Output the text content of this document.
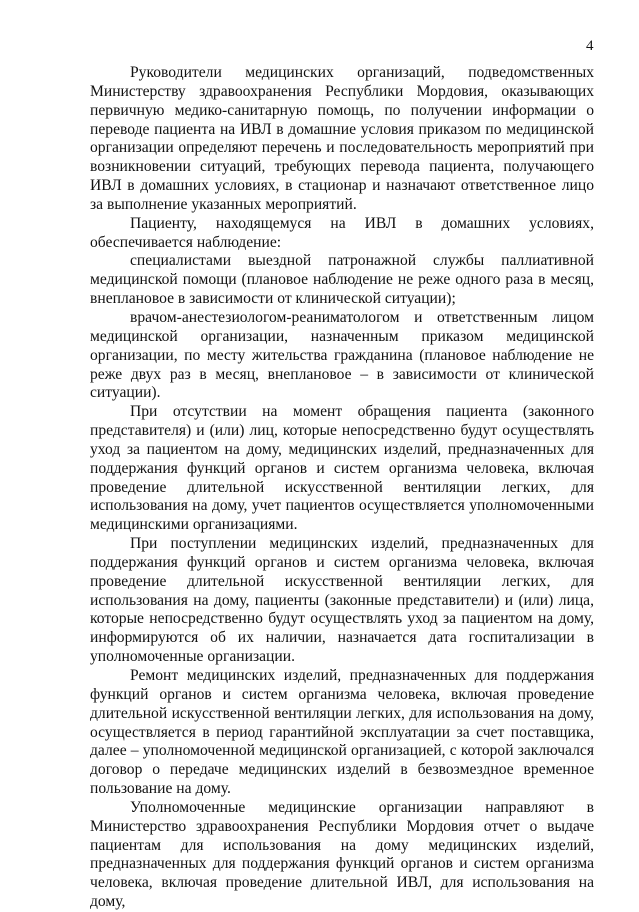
4

Руководители медицинских организаций, подведомственных Министерству здравоохранения Республики Мордовия, оказывающих первичную медико-санитарную помощь, по получении информации о переводе пациента на ИВЛ в домашние условия приказом по медицинской организации определяют перечень и последовательность мероприятий при возникновении ситуаций, требующих перевода пациента, получающего ИВЛ в домашних условиях, в стационар и назначают ответственное лицо за выполнение указанных мероприятий.

Пациенту, находящемуся на ИВЛ в домашних условиях, обеспечивается наблюдение:

специалистами выездной патронажной службы паллиативной медицинской помощи (плановое наблюдение не реже одного раза в месяц, внеплановое в зависимости от клинической ситуации);

врачом-анестезиологом-реаниматологом и ответственным лицом медицинской организации, назначенным приказом медицинской организации, по месту жительства гражданина (плановое наблюдение не реже двух раз в месяц, внеплановое – в зависимости от клинической ситуации).

При отсутствии на момент обращения пациента (законного представителя) и (или) лиц, которые непосредственно будут осуществлять уход за пациентом на дому, медицинских изделий, предназначенных для поддержания функций органов и систем организма человека, включая проведение длительной искусственной вентиляции легких, для использования на дому, учет пациентов осуществляется уполномоченными медицинскими организациями.

При поступлении медицинских изделий, предназначенных для поддержания функций органов и систем организма человека, включая проведение длительной искусственной вентиляции легких, для использования на дому, пациенты (законные представители) и (или) лица, которые непосредственно будут осуществлять уход за пациентом на дому, информируются об их наличии, назначается дата госпитализации в уполномоченные организации.

Ремонт медицинских изделий, предназначенных для поддержания функций органов и систем организма человека, включая проведение длительной искусственной вентиляции легких, для использования на дому, осуществляется в период гарантийной эксплуатации за счет поставщика, далее – уполномоченной медицинской организацией, с которой заключался договор о передаче медицинских изделий в безвозмездное временное пользование на дому.

Уполномоченные медицинские организации направляют в Министерство здравоохранения Республики Мордовия отчет о выдаче пациентам для использования на дому медицинских изделий, предназначенных для поддержания функций органов и систем организма человека, включая проведение длительной ИВЛ, для использования на дому,
